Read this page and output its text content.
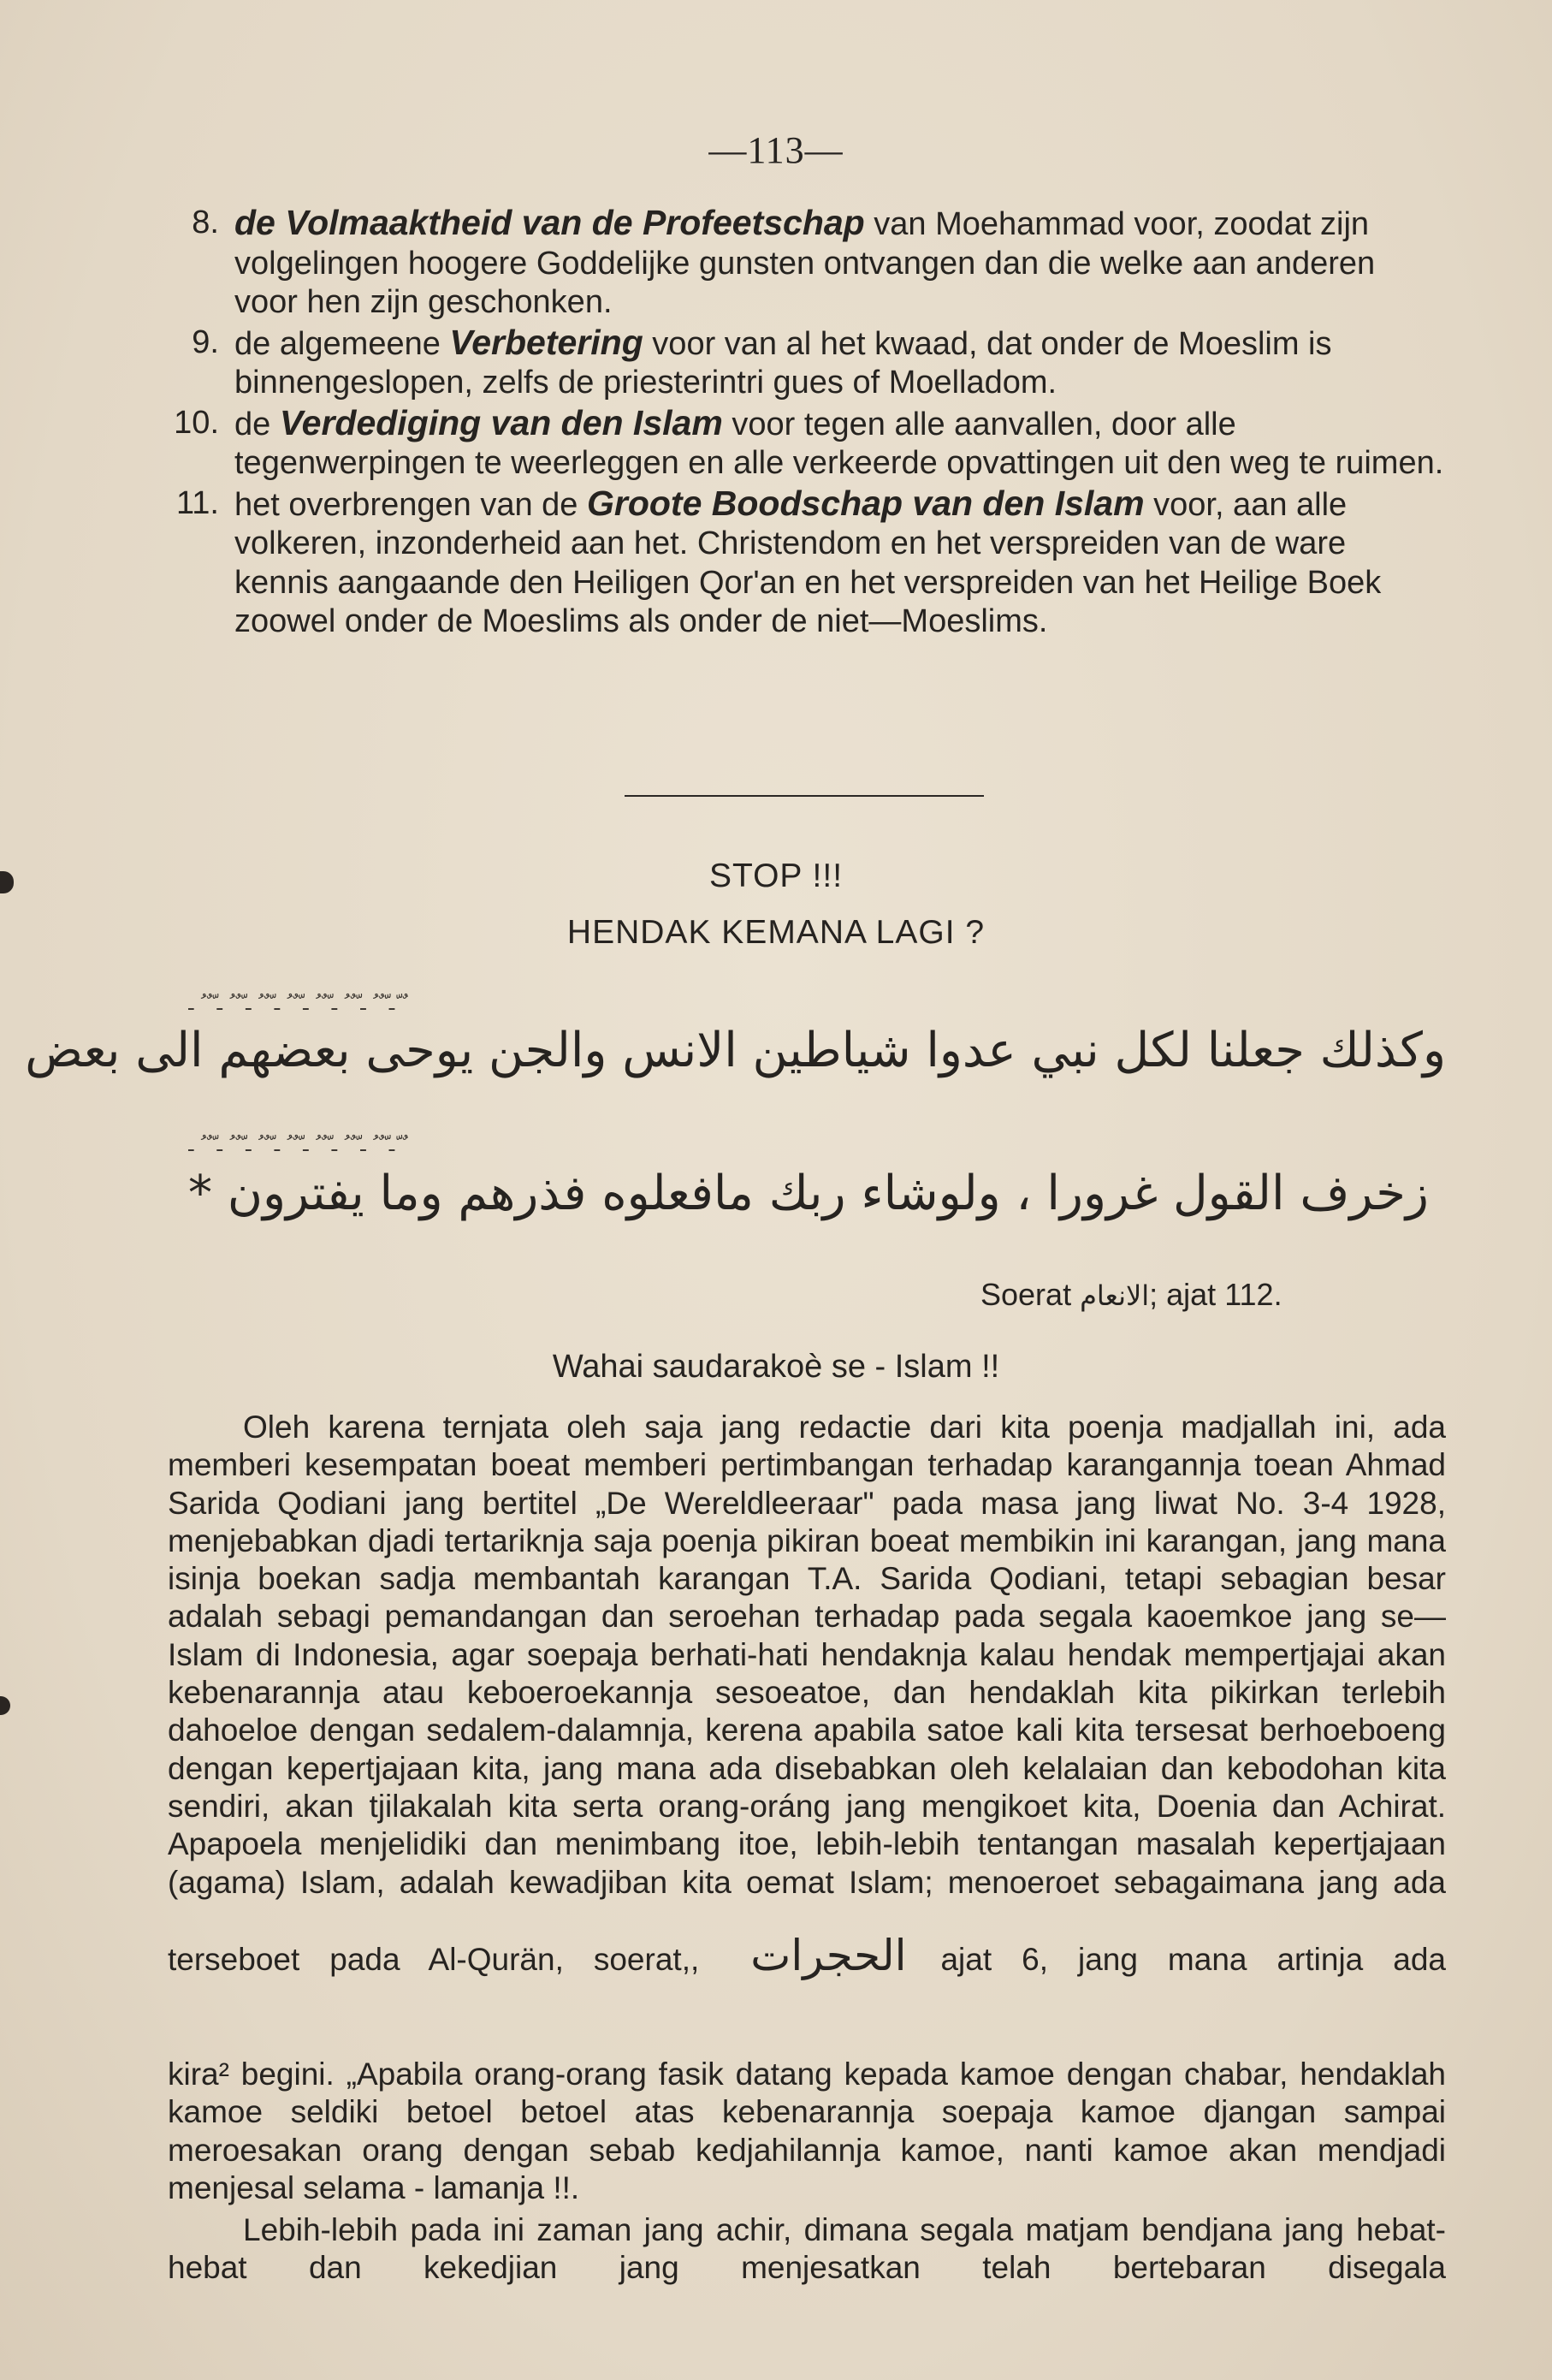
—113—

8. de Volmaaktheid van de Profeetschap van Moehammad voor, zoodat zijn volgelingen hoogere Goddelijke gunsten ontvangen dan die welke aan anderen voor hen zijn geschonken.

9. de algemeene Verbetering voor van al het kwaad, dat onder de Moeslim is binnengeslopen, zelfs de priesterintri gues of Moelladom.

10. de Verdediging van den Islam voor tegen alle aanvallen, door alle tegenwerpingen te weerleggen en alle verkeerde opvattingen uit den weg te ruimen.

11. het overbrengen van de Groote Boodschap van den Islam voor, aan alle volkeren, inzonderheid aan het. Christendom en het verspreiden van de ware kennis aangaande den Heiligen Qor'an en het verspreiden van het Heilige Boek zoowel onder de Moeslims als onder de niet—Moeslims.

STOP !!!
HENDAK KEMANA LAGI ?
ـ ّ ٌ ُ ـ ّ ٌ ُ ـ ّ ٌ ُ ـ ّ ٌ ُ ـ ّ ٌ ُ ـ ّ ٌ ُ ـ ّ ٌ ُ ـ ّ ٌ
وكذلك جعلنا لكل نبي عدوا شياطين الانس والجن يوحى بعضهم الى بعض
ـ ّ ٌ ُ ـ ّ ٌ ُ ـ ّ ٌ ُ ـ ّ ٌ ُ ـ ّ ٌ ُ ـ ّ ٌ ُ ـ ّ ٌ ُ ـ ّ ٌ
زخرف القول غرورا ، ولوشاء ربك مافعلوه فذرهم وما يفترون *
Soerat الانعام; ajat 112.
Wahai saudarakoè se - Islam !!

Oleh karena ternjata oleh saja jang redactie dari kita poenja madjallah ini, ada memberi kesempatan boeat memberi pertimbangan terhadap karangannja toean Ahmad Sarida Qodiani jang bertitel „De Wereldleeraar" pada masa jang liwat No. 3-4 1928, menjebabkan djadi tertariknja saja poenja pikiran boeat membikin ini karangan, jang mana isinja boekan sadja membantah karangan T.A. Sarida Qodiani, tetapi sebagian besar adalah sebagi pemandangan dan seroehan terhadap pada segala kaoemkoe jang se—Islam di Indonesia, agar soepaja berhati-hati hendaknja kalau hendak mempertjajai akan kebenarannja atau keboeroekannja sesoeatoe, dan hendaklah kita pikirkan terlebih dahoeloe dengan sedalem-dalamnja, kerena apabila satoe kali kita tersesat berhoeboeng dengan kepertjajaan kita, jang mana ada disebabkan oleh kelalaian dan kebodohan kita sendiri, akan tjilakalah kita serta orang-oráng jang mengikoet kita, Doenia dan Achirat. Apapoela menjelidiki dan menimbang itoe, lebih-lebih tentangan masalah kepertjajaan (agama) Islam, adalah kewadjiban kita oemat Islam; menoeroet sebagaimana jang ada

terseboet pada Al-Qurän, soerat,, الحجرات ajat 6, jang mana artinja ada

kira² begini. „Apabila orang-orang fasik datang kepada kamoe dengan chabar, hendaklah kamoe seldiki betoel betoel atas kebenarannja soepaja kamoe djangan sampai meroesakan orang dengan sebab kedjahilannja kamoe, nanti kamoe akan mendjadi menjesal selama - lamanja !!.

Lebih-lebih pada ini zaman jang achir, dimana segala matjam bendjana jang hebat-hebat dan kekedjian jang menjesatkan telah bertebaran disegala
